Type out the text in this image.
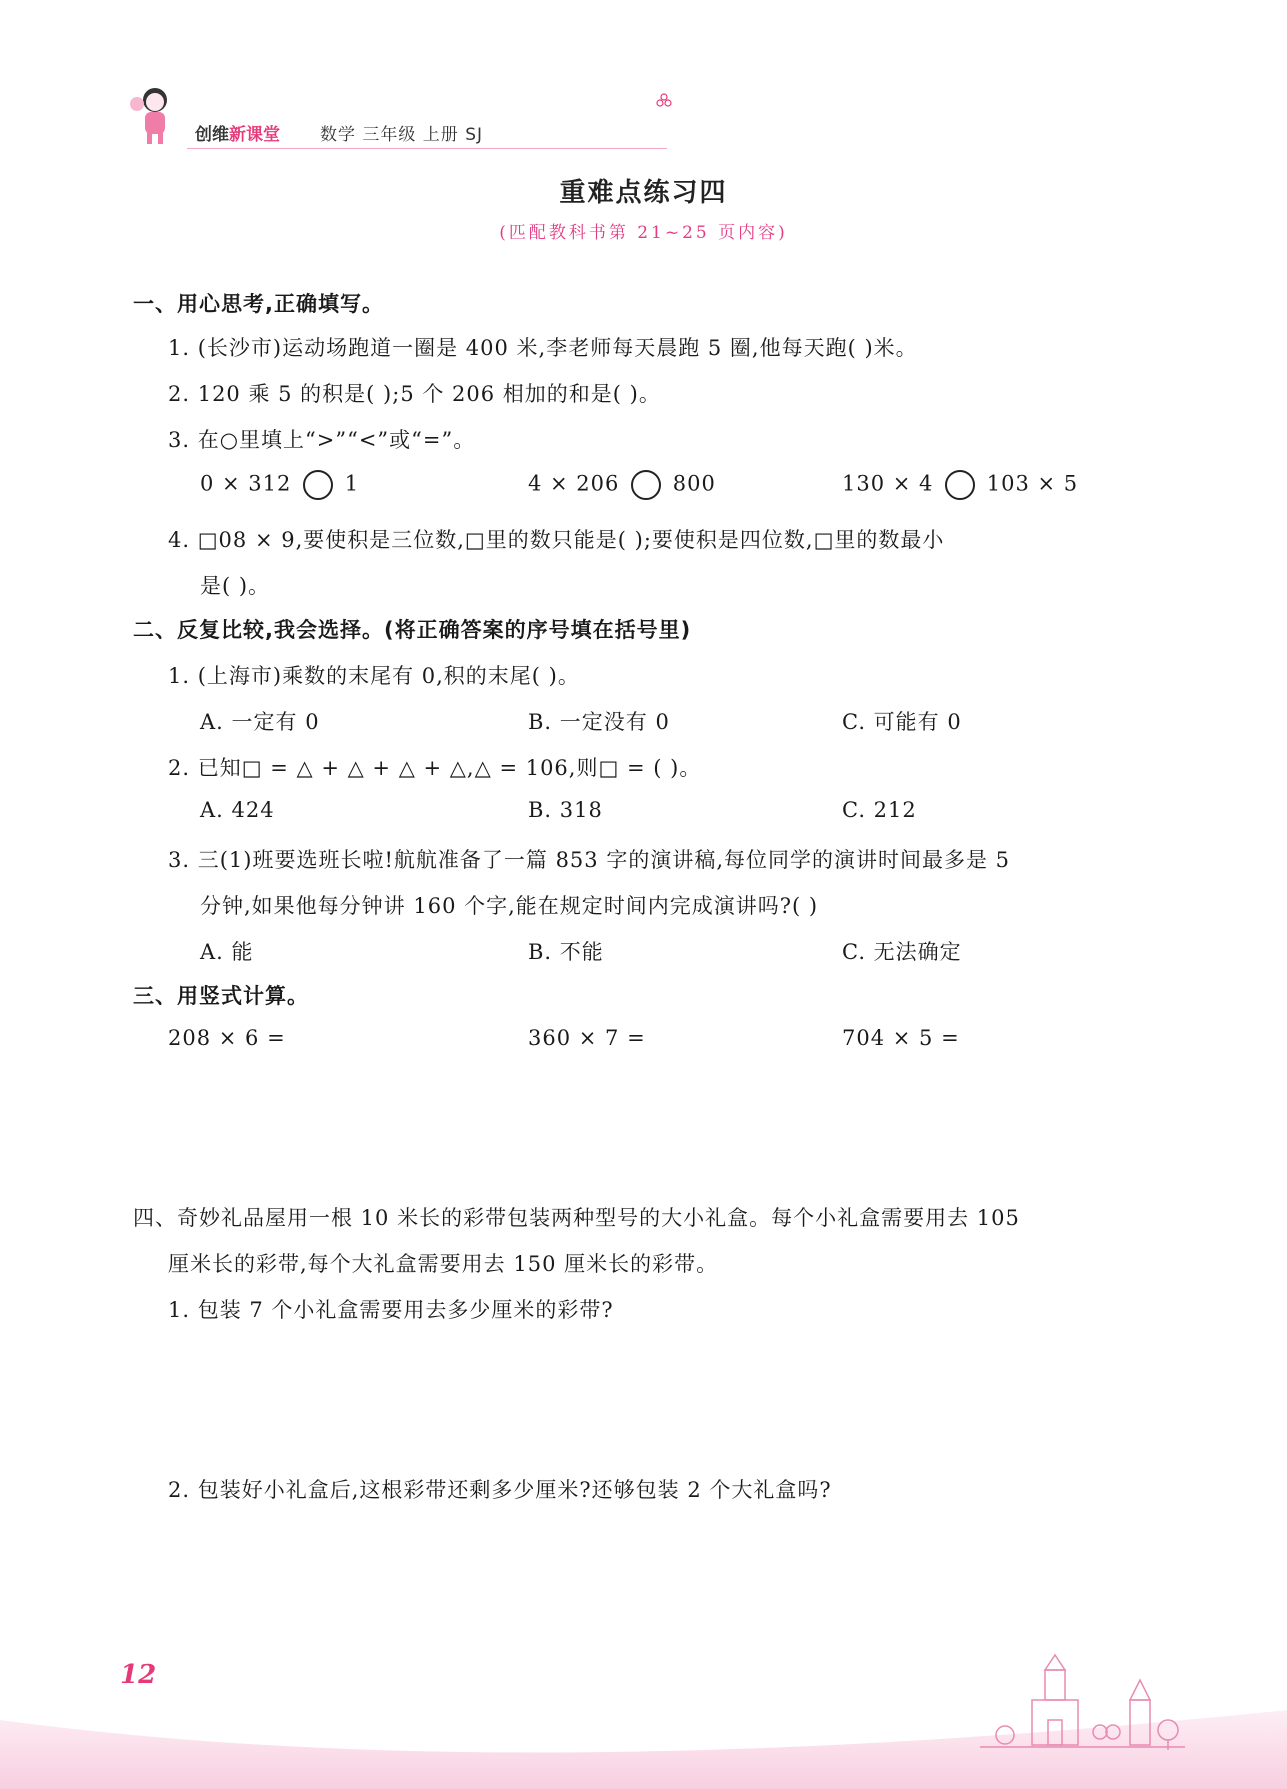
创维新课堂 数学 三年级 上册 SJ
重难点练习四
(匹配教科书第 21~25 页内容)
一、用心思考,正确填写。
1. (长沙市)运动场跑道一圈是 400 米,李老师每天晨跑 5 圈,他每天跑( )米。
2. 120 乘 5 的积是( );5 个 206 相加的和是( )。
3. 在○里填上“>”“<”或“=”。
0 × 312	1	4 × 206	800	130 × 4	103 × 5
4. □08 × 9,要使积是三位数,□里的数只能是( );要使积是四位数,□里的数最小
是( )。
二、反复比较,我会选择。(将正确答案的序号填在括号里)
1. (上海市)乘数的末尾有 0,积的末尾( )。
A. 一定有 0	B. 一定没有 0	C. 可能有 0
2. 已知□ = △ + △ + △ + △,△ = 106,则□ = ( )。
A. 424	B. 318	C. 212
3. 三(1)班要选班长啦!航航准备了一篇 853 字的演讲稿,每位同学的演讲时间最多是 5
分钟,如果他每分钟讲 160 个字,能在规定时间内完成演讲吗?( )
A. 能	B. 不能	C. 无法确定
三、用竖式计算。
208 × 6 =	360 × 7 =	704 × 5 =
四、奇妙礼品屋用一根 10 米长的彩带包装两种型号的大小礼盒。每个小礼盒需要用去 105
厘米长的彩带,每个大礼盒需要用去 150 厘米长的彩带。
1. 包装 7 个小礼盒需要用去多少厘米的彩带?
2. 包装好小礼盒后,这根彩带还剩多少厘米?还够包装 2 个大礼盒吗?
12
